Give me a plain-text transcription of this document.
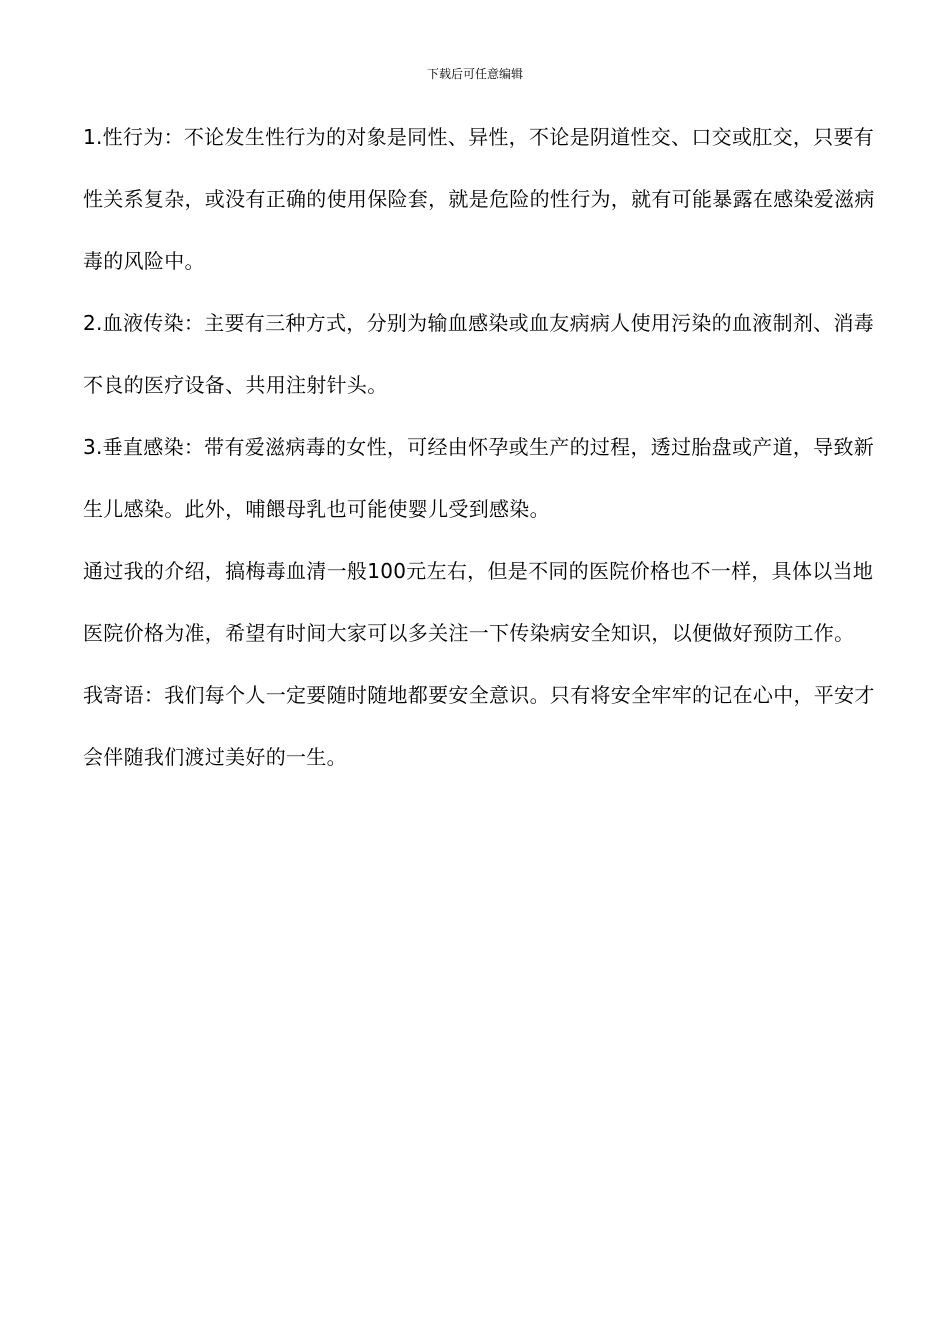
下载后可任意编辑

1.性行为：不论发生性行为的对象是同性、异性，不论是阴道性交、口交或肛交，只要有性关系复杂，或没有正确的使用保险套，就是危险的性行为，就有可能暴露在感染爱滋病毒的风险中。

2.血液传染：主要有三种方式，分别为输血感染或血友病病人使用污染的血液制剂、消毒不良的医疗设备、共用注射针头。

3.垂直感染：带有爱滋病毒的女性，可经由怀孕或生产的过程，透过胎盘或产道，导致新生儿感染。此外，哺餵母乳也可能使婴儿受到感染。

通过我的介绍，搞梅毒血清一般100元左右，但是不同的医院价格也不一样，具体以当地医院价格为准，希望有时间大家可以多关注一下传染病安全知识，以便做好预防工作。

我寄语：我们每个人一定要随时随地都要安全意识。只有将安全牢牢的记在心中，平安才会伴随我们渡过美好的一生。
